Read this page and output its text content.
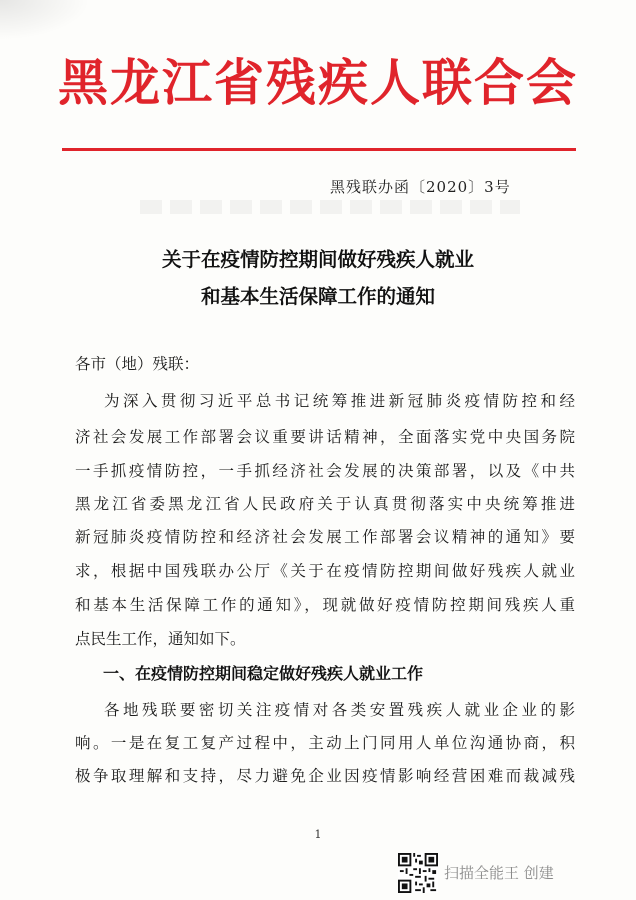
黑龙江省残疾人联合会
黑残联办函〔2020〕3号
关于在疫情防控期间做好残疾人就业
和基本生活保障工作的通知
各市（地）残联：
为深入贯彻习近平总书记统筹推进新冠肺炎疫情防控和经
济社会发展工作部署会议重要讲话精神，全面落实党中央国务院
一手抓疫情防控，一手抓经济社会发展的决策部署，以及《中共
黑龙江省委黑龙江省人民政府关于认真贯彻落实中央统筹推进
新冠肺炎疫情防控和经济社会发展工作部署会议精神的通知》要
求，根据中国残联办公厅《关于在疫情防控期间做好残疾人就业
和基本生活保障工作的通知》，现就做好疫情防控期间残疾人重
点民生工作，通知如下。
一、在疫情防控期间稳定做好残疾人就业工作
各地残联要密切关注疫情对各类安置残疾人就业企业的影
响。一是在复工复产过程中，主动上门同用人单位沟通协商，积
极争取理解和支持，尽力避免企业因疫情影响经营困难而裁减残
1
扫描全能王 创建
